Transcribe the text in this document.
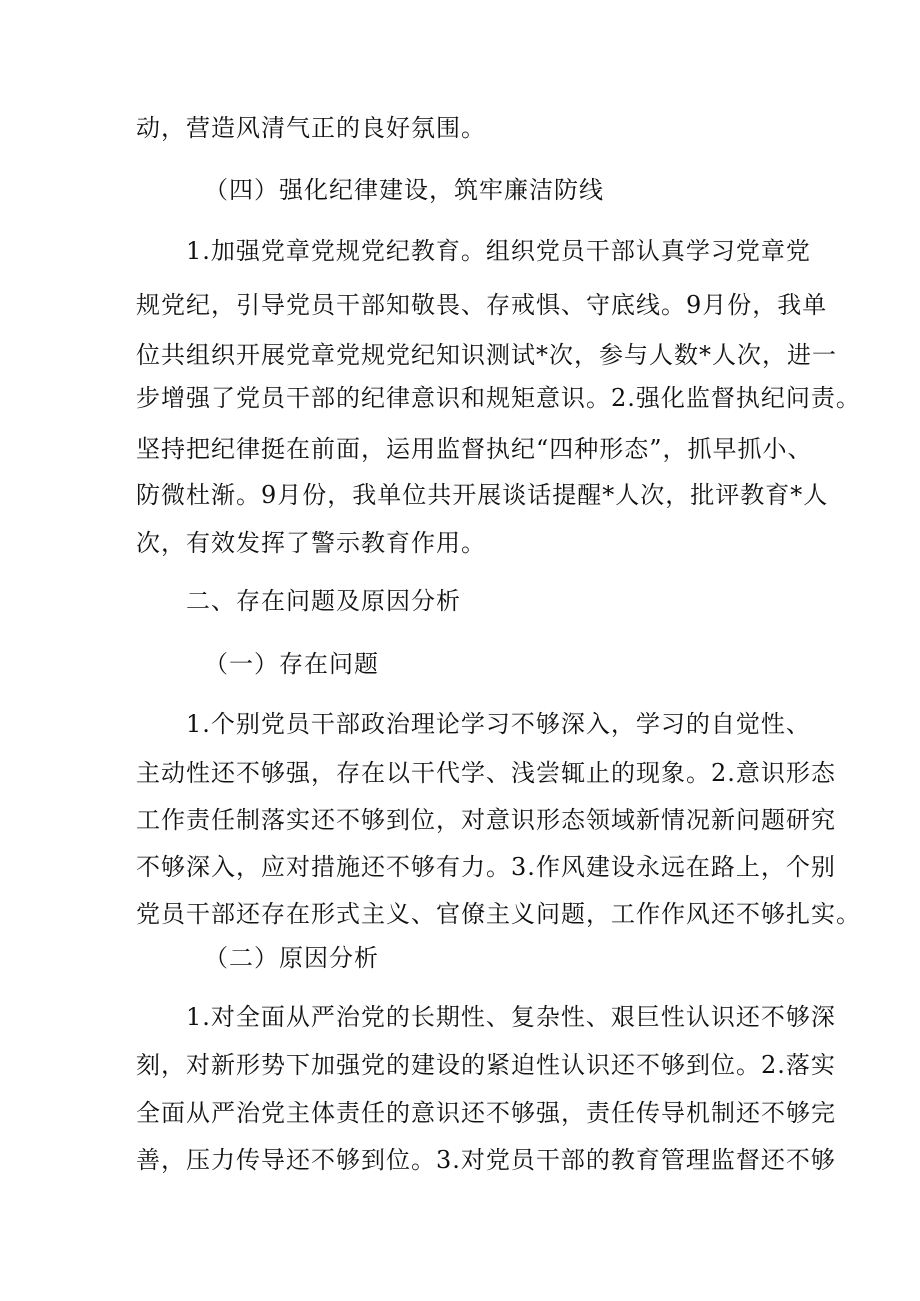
动，营造风清气正的良好氛围。
（四）强化纪律建设，筑牢廉洁防线
1.加强党章党规党纪教育。组织党员干部认真学习党章党
规党纪，引导党员干部知敬畏、存戒惧、守底线。9月份，我单
位共组织开展党章党规党纪知识测试*次，参与人数*人次，进一
步增强了党员干部的纪律意识和规矩意识。2.强化监督执纪问责。
坚持把纪律挺在前面，运用监督执纪“四种形态”，抓早抓小、
防微杜渐。9月份，我单位共开展谈话提醒*人次，批评教育*人
次，有效发挥了警示教育作用。
二、存在问题及原因分析
（一）存在问题
1.个别党员干部政治理论学习不够深入，学习的自觉性、
主动性还不够强，存在以干代学、浅尝辄止的现象。2.意识形态
工作责任制落实还不够到位，对意识形态领域新情况新问题研究
不够深入，应对措施还不够有力。3.作风建设永远在路上，个别
党员干部还存在形式主义、官僚主义问题，工作作风还不够扎实。
（二）原因分析
1.对全面从严治党的长期性、复杂性、艰巨性认识还不够深
刻，对新形势下加强党的建设的紧迫性认识还不够到位。2.落实
全面从严治党主体责任的意识还不够强，责任传导机制还不够完
善，压力传导还不够到位。3.对党员干部的教育管理监督还不够
